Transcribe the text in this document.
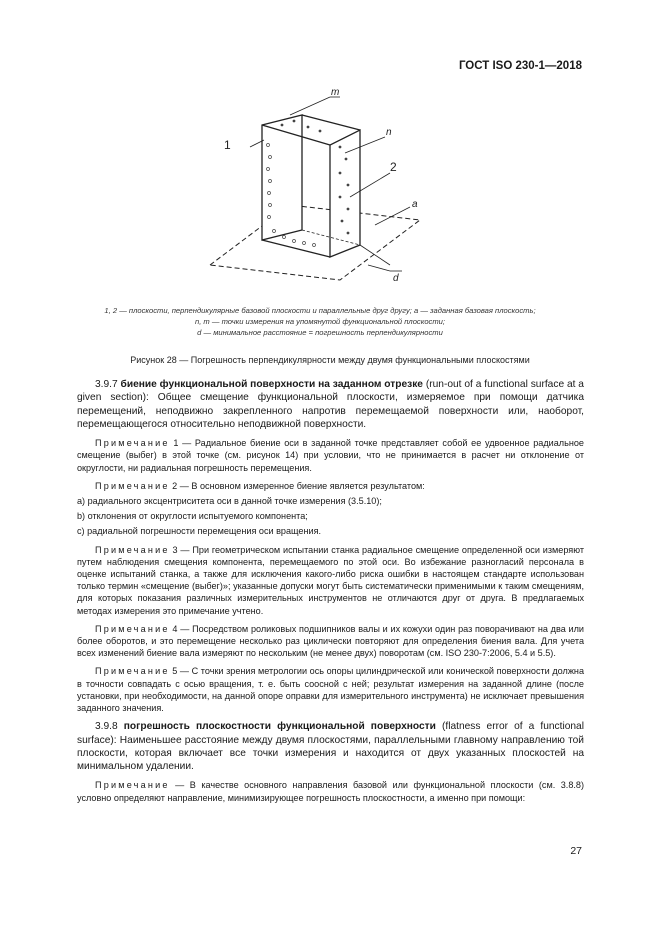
ГОСТ ISO 230-1—2018
m
n
1
2
a
d
1, 2 — плоскости, перпендикулярные базовой плоскости и параллельные друг другу; a — заданная базовая плоскость;
n, m — точки измерения на упомянутой функциональной плоскости;
d — минимальное расстояние = погрешность перпендикулярности
Рисунок 28 — Погрешность перпендикулярности между двумя функциональными плоскостями

3.9.7 биение функциональной поверхности на заданном отрезке (run-out of a functional surface at a given section): Общее смещение функциональной плоскости, измеряемое при помощи датчика перемещений, неподвижно закрепленного напротив перемещаемой поверхности или, наоборот, перемещающегося относительно неподвижной поверхности.

Примечание 1 — Радиальное биение оси в заданной точке представляет собой ее удвоенное радиальное смещение (выбег) в этой точке (см. рисунок 14) при условии, что не принимается в расчет ни отклонение от округлости, ни радиальная погрешность перемещения.

Примечание 2 — В основном измеренное биение является результатом:

a) радиального эксцентриситета оси в данной точке измерения (3.5.10);
b) отклонения от округлости испытуемого компонента;
c) радиальной погрешности перемещения оси вращения.

Примечание 3 — При геометрическом испытании станка радиальное смещение определенной оси измеряют путем наблюдения смещения компонента, перемещаемого по этой оси. Во избежание разногласий персонала в оценке испытаний станка, а также для исключения какого-либо риска ошибки в настоящем стандарте использован только термин «смещение (выбег)»; указанные допуски могут быть систематически применимыми к таким смещениям, для которых показания различных измерительных инструментов не отличаются друг от друга. В предлагаемых методах измерения это примечание учтено.

Примечание 4 — Посредством роликовых подшипников валы и их кожухи один раз поворачивают на два или более оборотов, и это перемещение несколько раз циклически повторяют для определения биения вала. Для учета всех изменений биение вала измеряют по нескольким (не менее двух) поворотам (см. ISO 230-7:2006, 5.4 и 5.5).

Примечание 5 — С точки зрения метрологии ось опоры цилиндрической или конической поверхности должна в точности совпадать с осью вращения, т. е. быть соосной с ней; результат измерения на заданной длине (после установки, при необходимости, на данной опоре оправки для измерительного инструмента) не исключает превышения заданного значения.

3.9.8 погрешность плоскостности функциональной поверхности (flatness error of a functional surface): Наименьшее расстояние между двумя плоскостями, параллельными главному направлению той плоскости, которая включает все точки измерения и находится от двух указанных плоскостей на минимальном удалении.

Примечание — В качестве основного направления базовой или функциональной плоскости (см. 3.8.8) условно определяют направление, минимизирующее погрешность плоскостности, а именно при помощи:

27
